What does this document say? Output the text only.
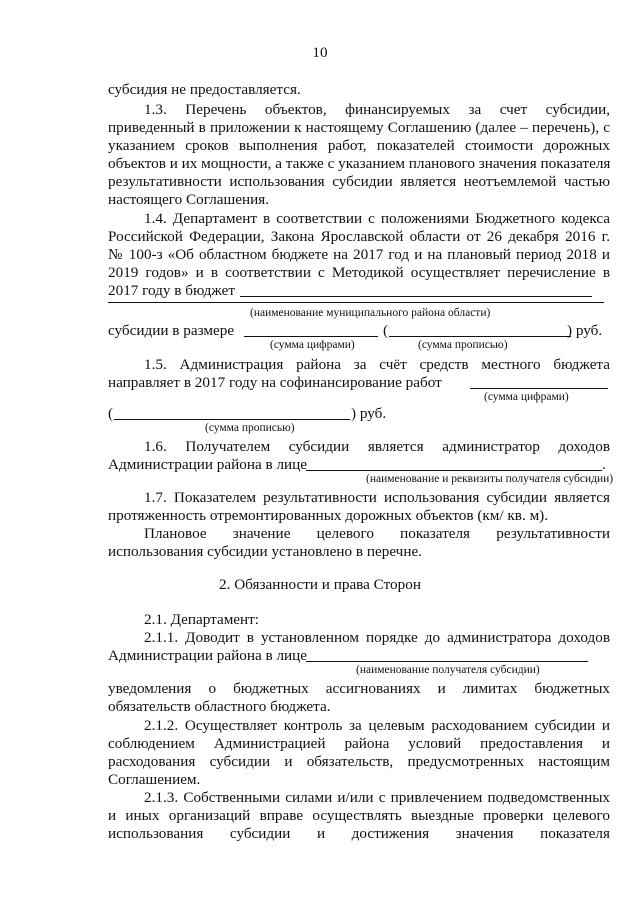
10
субсидия не предоставляется.
1.3. Перечень объектов, финансируемых за счет субсидии,
приведенный в приложении к настоящему Соглашению (далее – перечень), с
указанием сроков выполнения работ, показателей стоимости дорожных
объектов и их мощности, а также с указанием планового значения показателя
результативности использования субсидии является неотъемлемой частью
настоящего Соглашения.
1.4. Департамент в соответствии с положениями Бюджетного кодекса
Российской Федерации, Закона Ярославской области от 26 декабря 2016 г.
№ 100-з «Об областном бюджете на 2017 год и на плановый период 2018 и
2019 годов» и в соответствии с Методикой осуществляет перечисление в
2017 году в бюджет
(наименование муниципального района области)
субсидии в размере	(	) руб.
(сумма цифрами)	(сумма прописью)
1.5. Администрация района за счёт средств местного бюджета
направляет в 2017 году на софинансирование работ
(сумма цифрами)
(	) руб.
(сумма прописью)
1.6. Получателем субсидии является администратор доходов
Администрации района в лице	.
(наименование и реквизиты получателя субсидии)
1.7. Показателем результативности использования субсидии является
протяженность отремонтированных дорожных объектов (км/ кв. м).
Плановое значение целевого показателя результативности
использования субсидии установлено в перечне.
2. Обязанности и права Сторон
2.1. Департамент:
2.1.1. Доводит в установленном порядке до администратора доходов
Администрации района в лице
(наименование получателя субсидии)
уведомления о бюджетных ассигнованиях и лимитах бюджетных
обязательств областного бюджета.
2.1.2. Осуществляет контроль за целевым расходованием субсидии и
соблюдением Администрацией района условий предоставления и
расходования субсидии и обязательств, предусмотренных настоящим
Соглашением.
2.1.3. Собственными силами и/или с привлечением подведомственных
и иных организаций вправе осуществлять выездные проверки целевого
использования субсидии и достижения значения показателя
